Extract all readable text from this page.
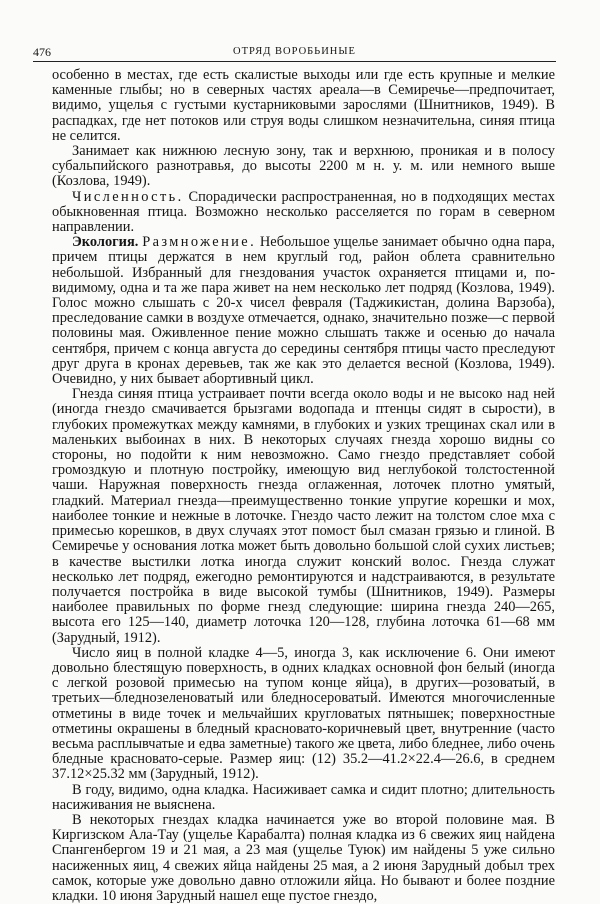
476	ОТРЯД ВОРОБЬИНЫЕ

особенно в местах, где есть скалистые выходы или где есть крупные и мелкие каменные глыбы; но в северных частях ареала—в Семиречье—предпочитает, видимо, ущелья с густыми кустарниковыми зарослями (Шнитников, 1949). В распадках, где нет потоков или струя воды слишком незначительна, синяя птица не селится.

Занимает как нижнюю лесную зону, так и верхнюю, проникая и в полосу субальпийского разнотравья, до высоты 2200 м н. у. м. или немного выше (Козлова, 1949).

Численность. Спорадически распространенная, но в подходящих местах обыкновенная птица. Возможно несколько расселяется по горам в северном направлении.

Экология. Размножение. Небольшое ущелье занимает обычно одна пара, причем птицы держатся в нем круглый год, район облета сравнительно небольшой. Избранный для гнездования участок охраняется птицами и, по-видимому, одна и та же пара живет на нем несколько лет подряд (Козлова, 1949). Голос можно слышать с 20-х чисел февраля (Таджикистан, долина Варзоба), преследование самки в воздухе отмечается, однако, значительно позже—с первой половины мая. Оживленное пение можно слышать также и осенью до начала сентября, причем с конца августа до середины сентября птицы часто преследуют друг друга в кронах деревьев, так же как это делается весной (Козлова, 1949). Очевидно, у них бывает абортивный цикл.

Гнезда синяя птица устраивает почти всегда около воды и не высоко над ней (иногда гнездо смачивается брызгами водопада и птенцы сидят в сырости), в глубоких промежутках между камнями, в глубоких и узких трещинах скал или в маленьких выбоинах в них. В некоторых случаях гнезда хорошо видны со стороны, но подойти к ним невозможно. Само гнездо представляет собой громоздкую и плотную постройку, имеющую вид неглубокой толстостенной чаши. Наружная поверхность гнезда оглаженная, лоточек плотно умятый, гладкий. Материал гнезда—преимущественно тонкие упругие корешки и мох, наиболее тонкие и нежные в лоточке. Гнездо часто лежит на толстом слое мха с примесью корешков, в двух случаях этот помост был смазан грязью и глиной. В Семиречье у основания лотка может быть довольно большой слой сухих листьев; в качестве выстилки лотка иногда служит конский волос. Гнезда служат несколько лет подряд, ежегодно ремонтируются и надстраиваются, в результате получается постройка в виде высокой тумбы (Шнитников, 1949). Размеры наиболее правильных по форме гнезд следующие: ширина гнезда 240—265, высота его 125—140, диаметр лоточка 120—128, глубина лоточка 61—68 мм (Зарудный, 1912).

Число яиц в полной кладке 4—5, иногда 3, как исключение 6. Они имеют довольно блестящую поверхность, в одних кладках основной фон белый (иногда с легкой розовой примесью на тупом конце яйца), в других—розоватый, в третьих—бледнозеленоватый или бледносероватый. Имеются многочисленные отметины в виде точек и мельчайших кругловатых пятнышек; поверхностные отметины окрашены в бледный красновато-коричневый цвет, внутренние (часто весьма расплывчатые и едва заметные) такого же цвета, либо бледнее, либо очень бледные красновато-серые. Размер яиц: (12) 35.2—41.2×22.4—26.6, в среднем 37.12×25.32 мм (Зарудный, 1912).

В году, видимо, одна кладка. Насиживает самка и сидит плотно; длительность насиживания не выяснена.

В некоторых гнездах кладка начинается уже во второй половине мая. В Киргизском Ала-Тау (ущелье Карабалта) полная кладка из 6 свежих яиц найдена Спангенбергом 19 и 21 мая, а 23 мая (ущелье Туюк) им найдены 5 уже сильно насиженных яиц, 4 свежих яйца найдены 25 мая, а 2 июня Зарудный добыл трех самок, которые уже довольно давно отложили яйца. Но бывают и более поздние кладки. 10 июня Зарудный нашел еще пустое гнездо,
